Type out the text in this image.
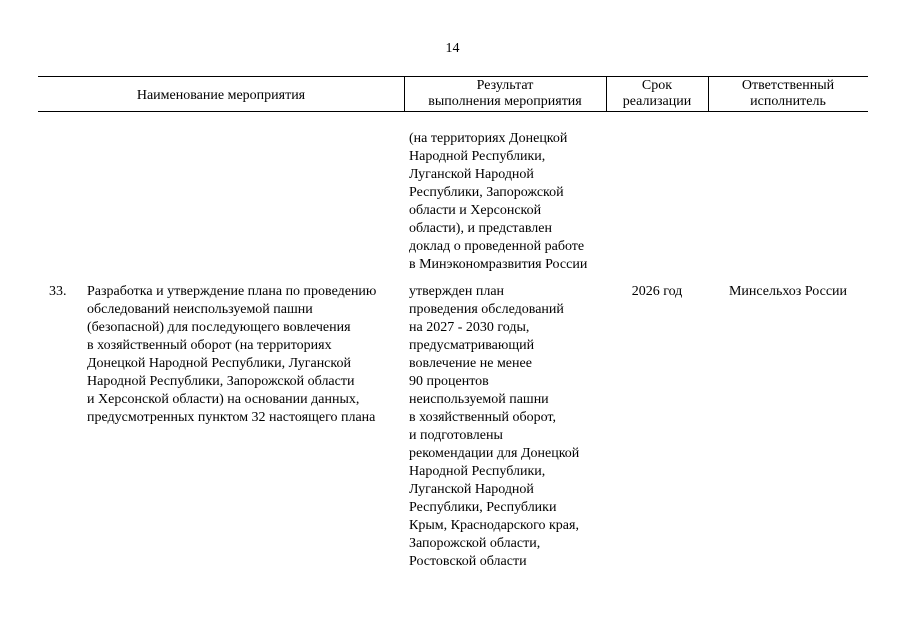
14
Наименование мероприятия
Результат
выполнения мероприятия
Срок
реализации
Ответственный
исполнитель
(на территориях Донецкой
Народной Республики,
Луганской Народной
Республики, Запорожской
области и Херсонской
области), и представлен
доклад о проведенной работе
в Минэкономразвития России
33.	Разработка и утверждение плана по проведению
обследований неиспользуемой пашни
(безопасной) для последующего вовлечения
в хозяйственный оборот (на территориях
Донецкой Народной Республики, Луганской
Народной Республики, Запорожской области
и Херсонской области) на основании данных,
предусмотренных пунктом 32 настоящего плана
утвержден план
проведения обследований
на 2027 - 2030 годы,
предусматривающий
вовлечение не менее
90 процентов
неиспользуемой пашни
в хозяйственный оборот,
и подготовлены
рекомендации для Донецкой
Народной Республики,
Луганской Народной
Республики, Республики
Крым, Краснодарского края,
Запорожской области,
Ростовской области
2026 год	Минсельхоз России
